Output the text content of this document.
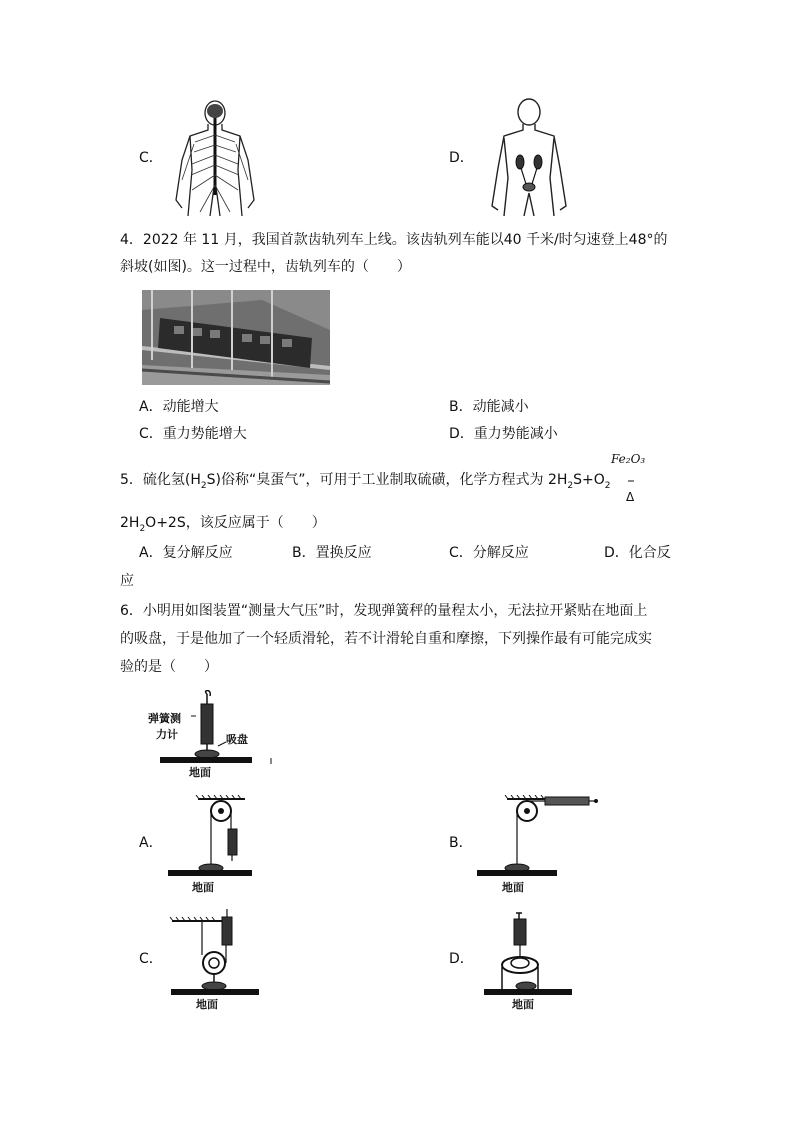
C．	D．
4．2022 年 11 月，我国首款齿轨列车上线。该齿轨列车能以40 千米/时匀速登上48°的
斜坡(如图)。这一过程中，齿轨列车的（　　）
A．动能增大	B．动能减小
C．重力势能增大	D．重力势能减小
Fe₂O₃
5．硫化氢$(H_2S)$俗称“臭蛋气”，可用于工业制取硫磺，化学方程式为 $2H_2S+O_2$
Δ
$2H_2O+2S$，该反应属于（　　）
A．复分解反应	B．置换反应	C．分解反应	D．化合反
应
6．小明用如图装置“测量大气压”时，发现弹簧秤的量程太小，无法拉开紧贴在地面上
的吸盘，于是他加了一个轻质滑轮，若不计滑轮自重和摩擦，下列操作最有可能完成实
验的是（　　）
弹簧测
力计	吸盘
地面
A．
地面
B．
地面
C．
地面
D．
地面
